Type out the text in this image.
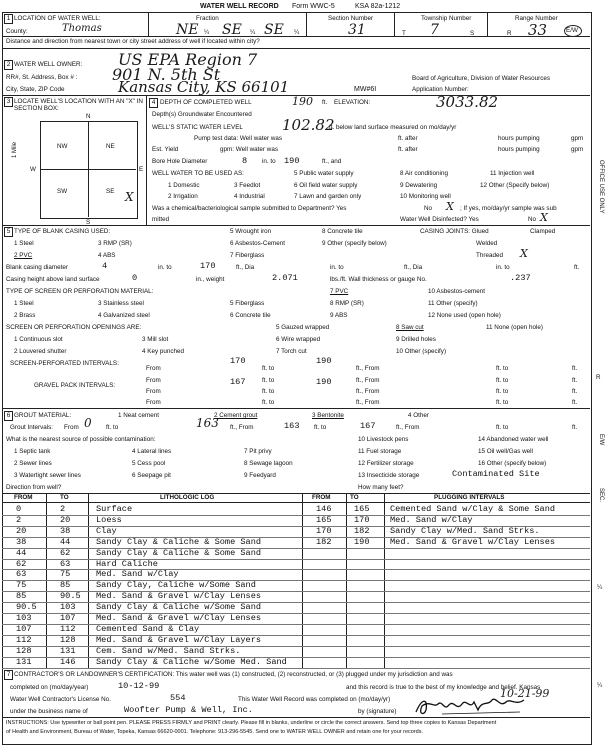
WATER WELL RECORD Form WWC-5	KSA 82a-1212
1 LOCATION OF WATER WELL:
County:	Thomas
Fraction
NE ¼ SE ¼ SE ¼
Section Number
31
Township Number
T 7	S
Range Number
R 33	E/W
Distance and direction from nearest town or city street address of well if located within city?
2 WATER WELL OWNER: US EPA Region 7
RR#, St. Address, Box # : 901 N. 5th St
City, State, ZIP Code	Kansas City, KS 66101	Board of Agriculture, Division of Water Resources
MW#6I	Application Number:
3 LOCATE WELL'S LOCATION WITH AN "X" IN SECTION BOX:
N
NW	NE
SW	SE X
W	E
S
1 Mile
4 DEPTH OF COMPLETED WELL	190 ft. ELEVATION:	3033.82
Depth(s) Groundwater Encountered
WELL'S STATIC WATER LEVEL	102.82
ft. below land surface measured on mo/day/yr
Pump test data: Well water was	ft. after	hours pumping	gpm
Est. Yield	gpm: Well water was	ft. after	hours pumping	gpm
Bore Hole Diameter	8 in. to 190	ft., and
WELL WATER TO BE USED AS:	5 Public water supply	8 Air conditioning	11 Injection well
1 Domestic	3 Feedlot	6 Oil field water supply	9 Dewatering	12 Other (Specify below)
2 Irrigation	4 Industrial	7 Lawn and garden only	10 Monitoring well
Was a chemical/bacteriological sample submitted to Department? Yes	No X ; If yes, mo/day/yr sample was sub
mitted	Water Well Disinfected? Yes	No X
5 TYPE OF BLANK CASING USED:	5 Wrought iron	8 Concrete tile	CASING JOINTS: Glued	Clamped
1 Steel	3 RMP (SR)	6 Asbestos-Cement	9 Other (specify below)	Welded
2 PVC	4 ABS	7 Fiberglass	Threaded X
Blank casing diameter	4	in. to	170	ft., Dia	in. to	ft., Dia	in. to	ft.
Casing height above land surface	0	in., weight	2.071	lbs./ft. Wall thickness or gauge No.	.237
TYPE OF SCREEN OR PERFORATION MATERIAL:	7 PVC	10 Asbestos-cement
1 Steel	3 Stainless steel	5 Fiberglass	8 RMP (SR)	11 Other (specify)
2 Brass	4 Galvanized steel	6 Concrete tile	9 ABS	12 None used (open hole)
SCREEN OR PERFORATION OPENINGS ARE:	5 Gauzed wrapped	8 Saw cut	11 None (open hole)
1 Continuous slot	3 Mill slot	6 Wire wrapped	9 Drilled holes
2 Louvered shutter	4 Key punched	7 Torch cut	10 Other (specify)
SCREEN-PERFORATED INTERVALS:
From
170
ft. to
190
ft., From	ft. to	ft.
From	ft. to	ft., From	ft. to	ft.
GRAVEL PACK INTERVALS:
From
167
ft. to
190
ft., From	ft. to	ft.
From	ft. to	ft., From	ft. to	ft.
6 GROUT MATERIAL:	1 Neat cement	2 Cement grout	3 Bentonite	4 Other
Grout Intervals: From 0 ft. to	163 ft., From	163 ft. to	167	ft., From	ft. to	ft.
What is the nearest source of possible contamination:	10 Livestock pens	14 Abandoned water well
1 Septic tank	4 Lateral lines	7 Pit privy	11 Fuel storage	15 Oil well/Gas well
2 Sewer lines	5 Cess pool	8 Sewage lagoon	12 Fertilizer storage	16 Other (specify below)
3 Watertight sewer lines	6 Seepage pit	9 Feedyard	13 Insecticide storage	Contaminated Site
Direction from well?	How many feet?
FROM	TO	LITHOLOGIC LOG	FROM	TO	PLUGGING INTERVALS
7 CONTRACTOR'S OR LANDOWNER'S CERTIFICATION: This water well was (1) constructed, (2) reconstructed, or (3) plugged under my jurisdiction and was
completed on (mo/day/year)	10-12-99	and this record is true to the best of my knowledge and belief. Kansas
Water Well Contractor's License No.	554	This Water Well Record was completed on (mo/day/yr)	10-21-99
under the business name of	Woofter Pump & Well, Inc.	by (signature)
INSTRUCTIONS: Use typewriter or ball point pen. PLEASE PRESS FIRMLY and PRINT clearly. Please fill in blanks, underline or circle the correct answers. Send top three copies to Kansas Department
of Health and Environment, Bureau of Water, Topeka, Kansas 66620-0001. Telephone: 913-296-5545. Send one to WATER WELL OWNER and retain one for your records.
OFFICE USE ONLY
R
E/W
SEC.
¼
¼
0	2	Surface
2	20	Loess
20	38	Clay
38	44	Sandy Clay & Caliche & Some Sand
44	62	Sandy Clay & Caliche & Some Sand
62	63	Hard Caliche
63	75	Med. Sand w/Clay
75	85	Sandy Clay, Caliche w/Some Sand
85	90.5 Med. Sand & Gravel w/Clay Lenses
90.5	103 Sandy Clay & Caliche w/Some Sand
103	107 Med. Sand & Gravel w/Clay Lenses
107	112 Cemented Sand & Clay
112	128 Med. Sand & Gravel w/Clay Layers
128	131 Cem. Sand w/Med. Sand Strks.
131	146 Sandy Clay & Caliche w/Some Med. Sand
146	165 Cemented Sand w/Clay & Some Sand
165	170 Med. Sand w/Clay
170	182 Sandy Clay w/Med. Sand Strks.
182	190 Med. Sand & Gravel w/Clay Lenses
